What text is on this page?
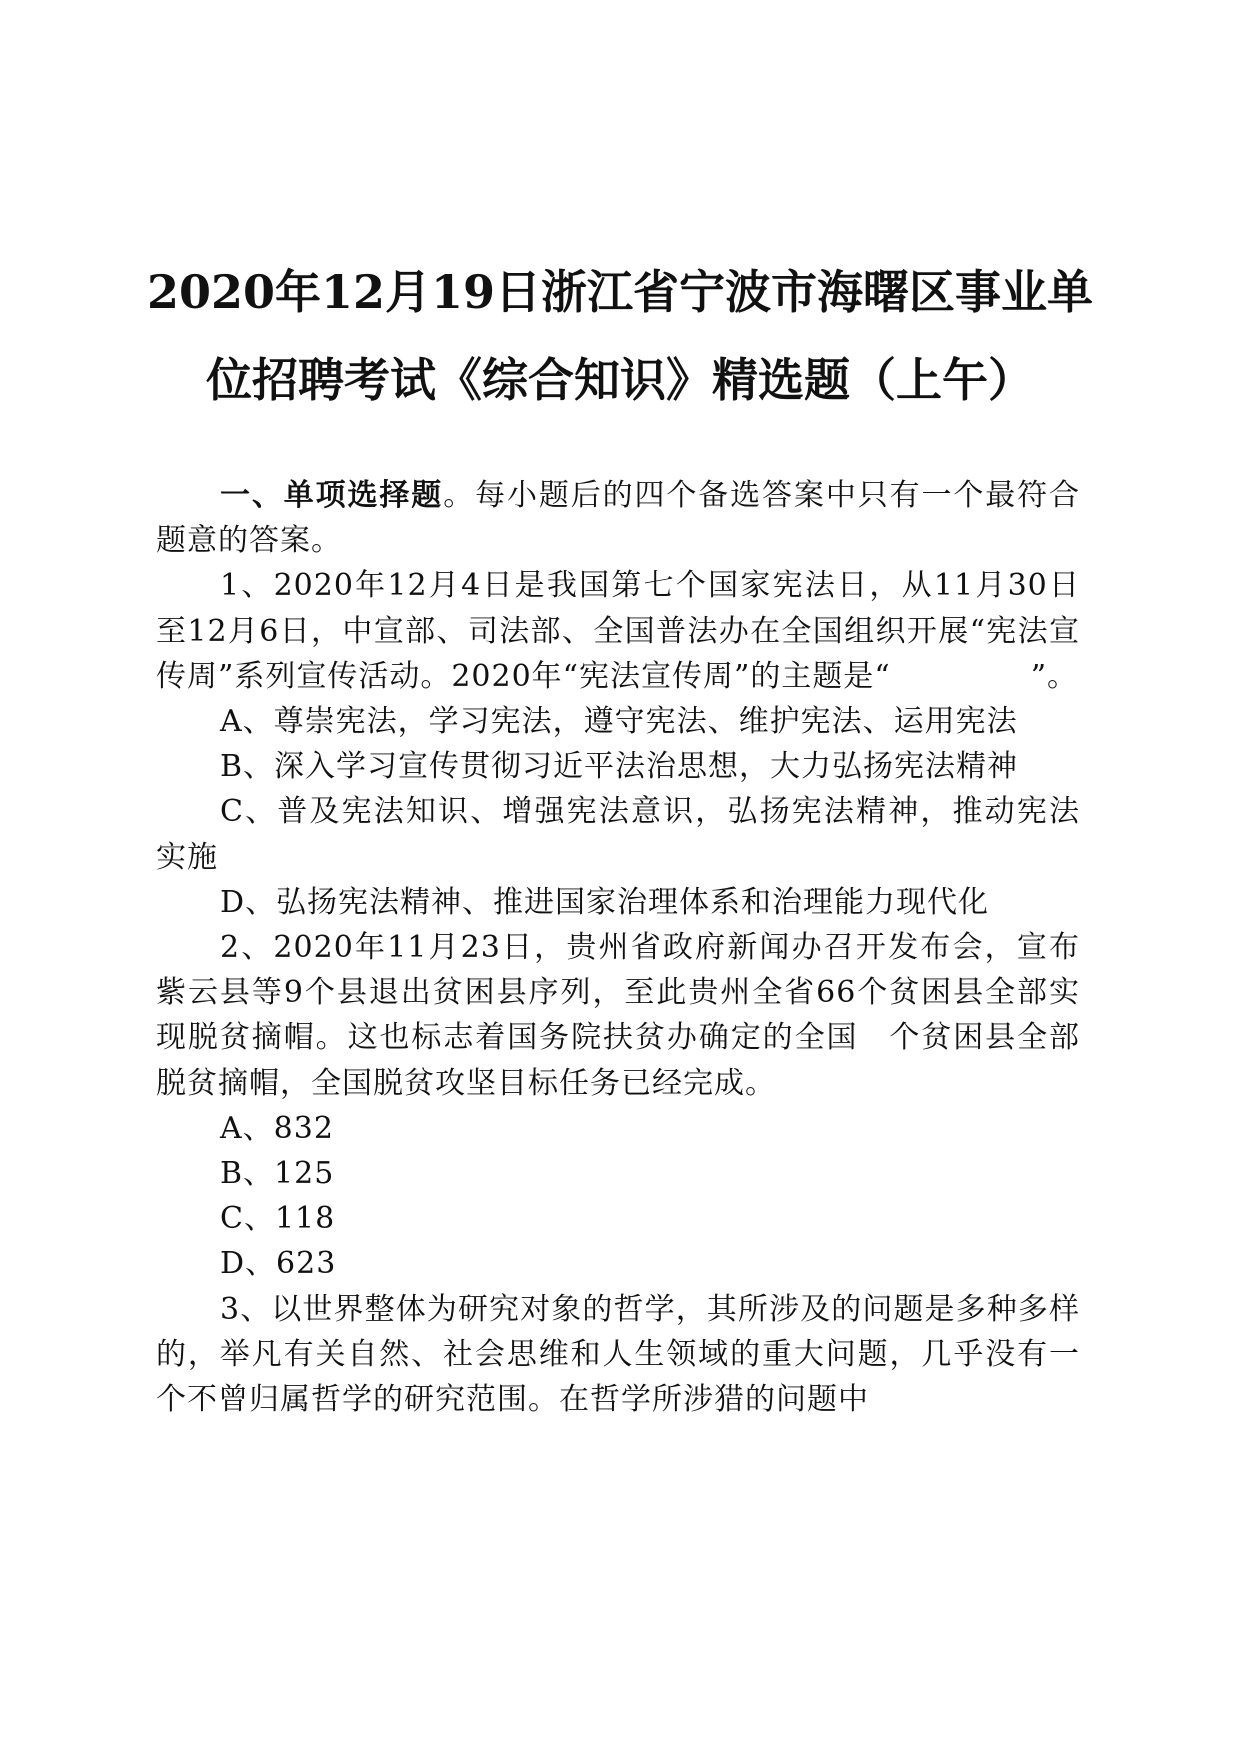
2020年12月19日浙江省宁波市海曙区事业单
位招聘考试《综合知识》精选题（上午）

一、单项选择题。每小题后的四个备选答案中只有一个最符合题意的答案。

1、2020年12月4日是我国第七个国家宪法日，从11月30日至12月6日，中宣部、司法部、全国普法办在全国组织开展“宪法宣传周”系列宣传活动。2020年“宪法宣传周”的主题是“	”。

A、尊崇宪法，学习宪法，遵守宪法、维护宪法、运用宪法

B、深入学习宣传贯彻习近平法治思想，大力弘扬宪法精神

C、普及宪法知识、增强宪法意识，弘扬宪法精神，推动宪法实施

D、弘扬宪法精神、推进国家治理体系和治理能力现代化

2、2020年11月23日，贵州省政府新闻办召开发布会，宣布紫云县等9个县退出贫困县序列，至此贵州全省66个贫困县全部实现脱贫摘帽。这也标志着国务院扶贫办确定的全国 个贫困县全部脱贫摘帽，全国脱贫攻坚目标任务已经完成。

A、832

B、125

C、118

D、623

3、以世界整体为研究对象的哲学，其所涉及的问题是多种多样的，举凡有关自然、社会思维和人生领域的重大问题，几乎没有一个不曾归属哲学的研究范围。在哲学所涉猎的问题中
